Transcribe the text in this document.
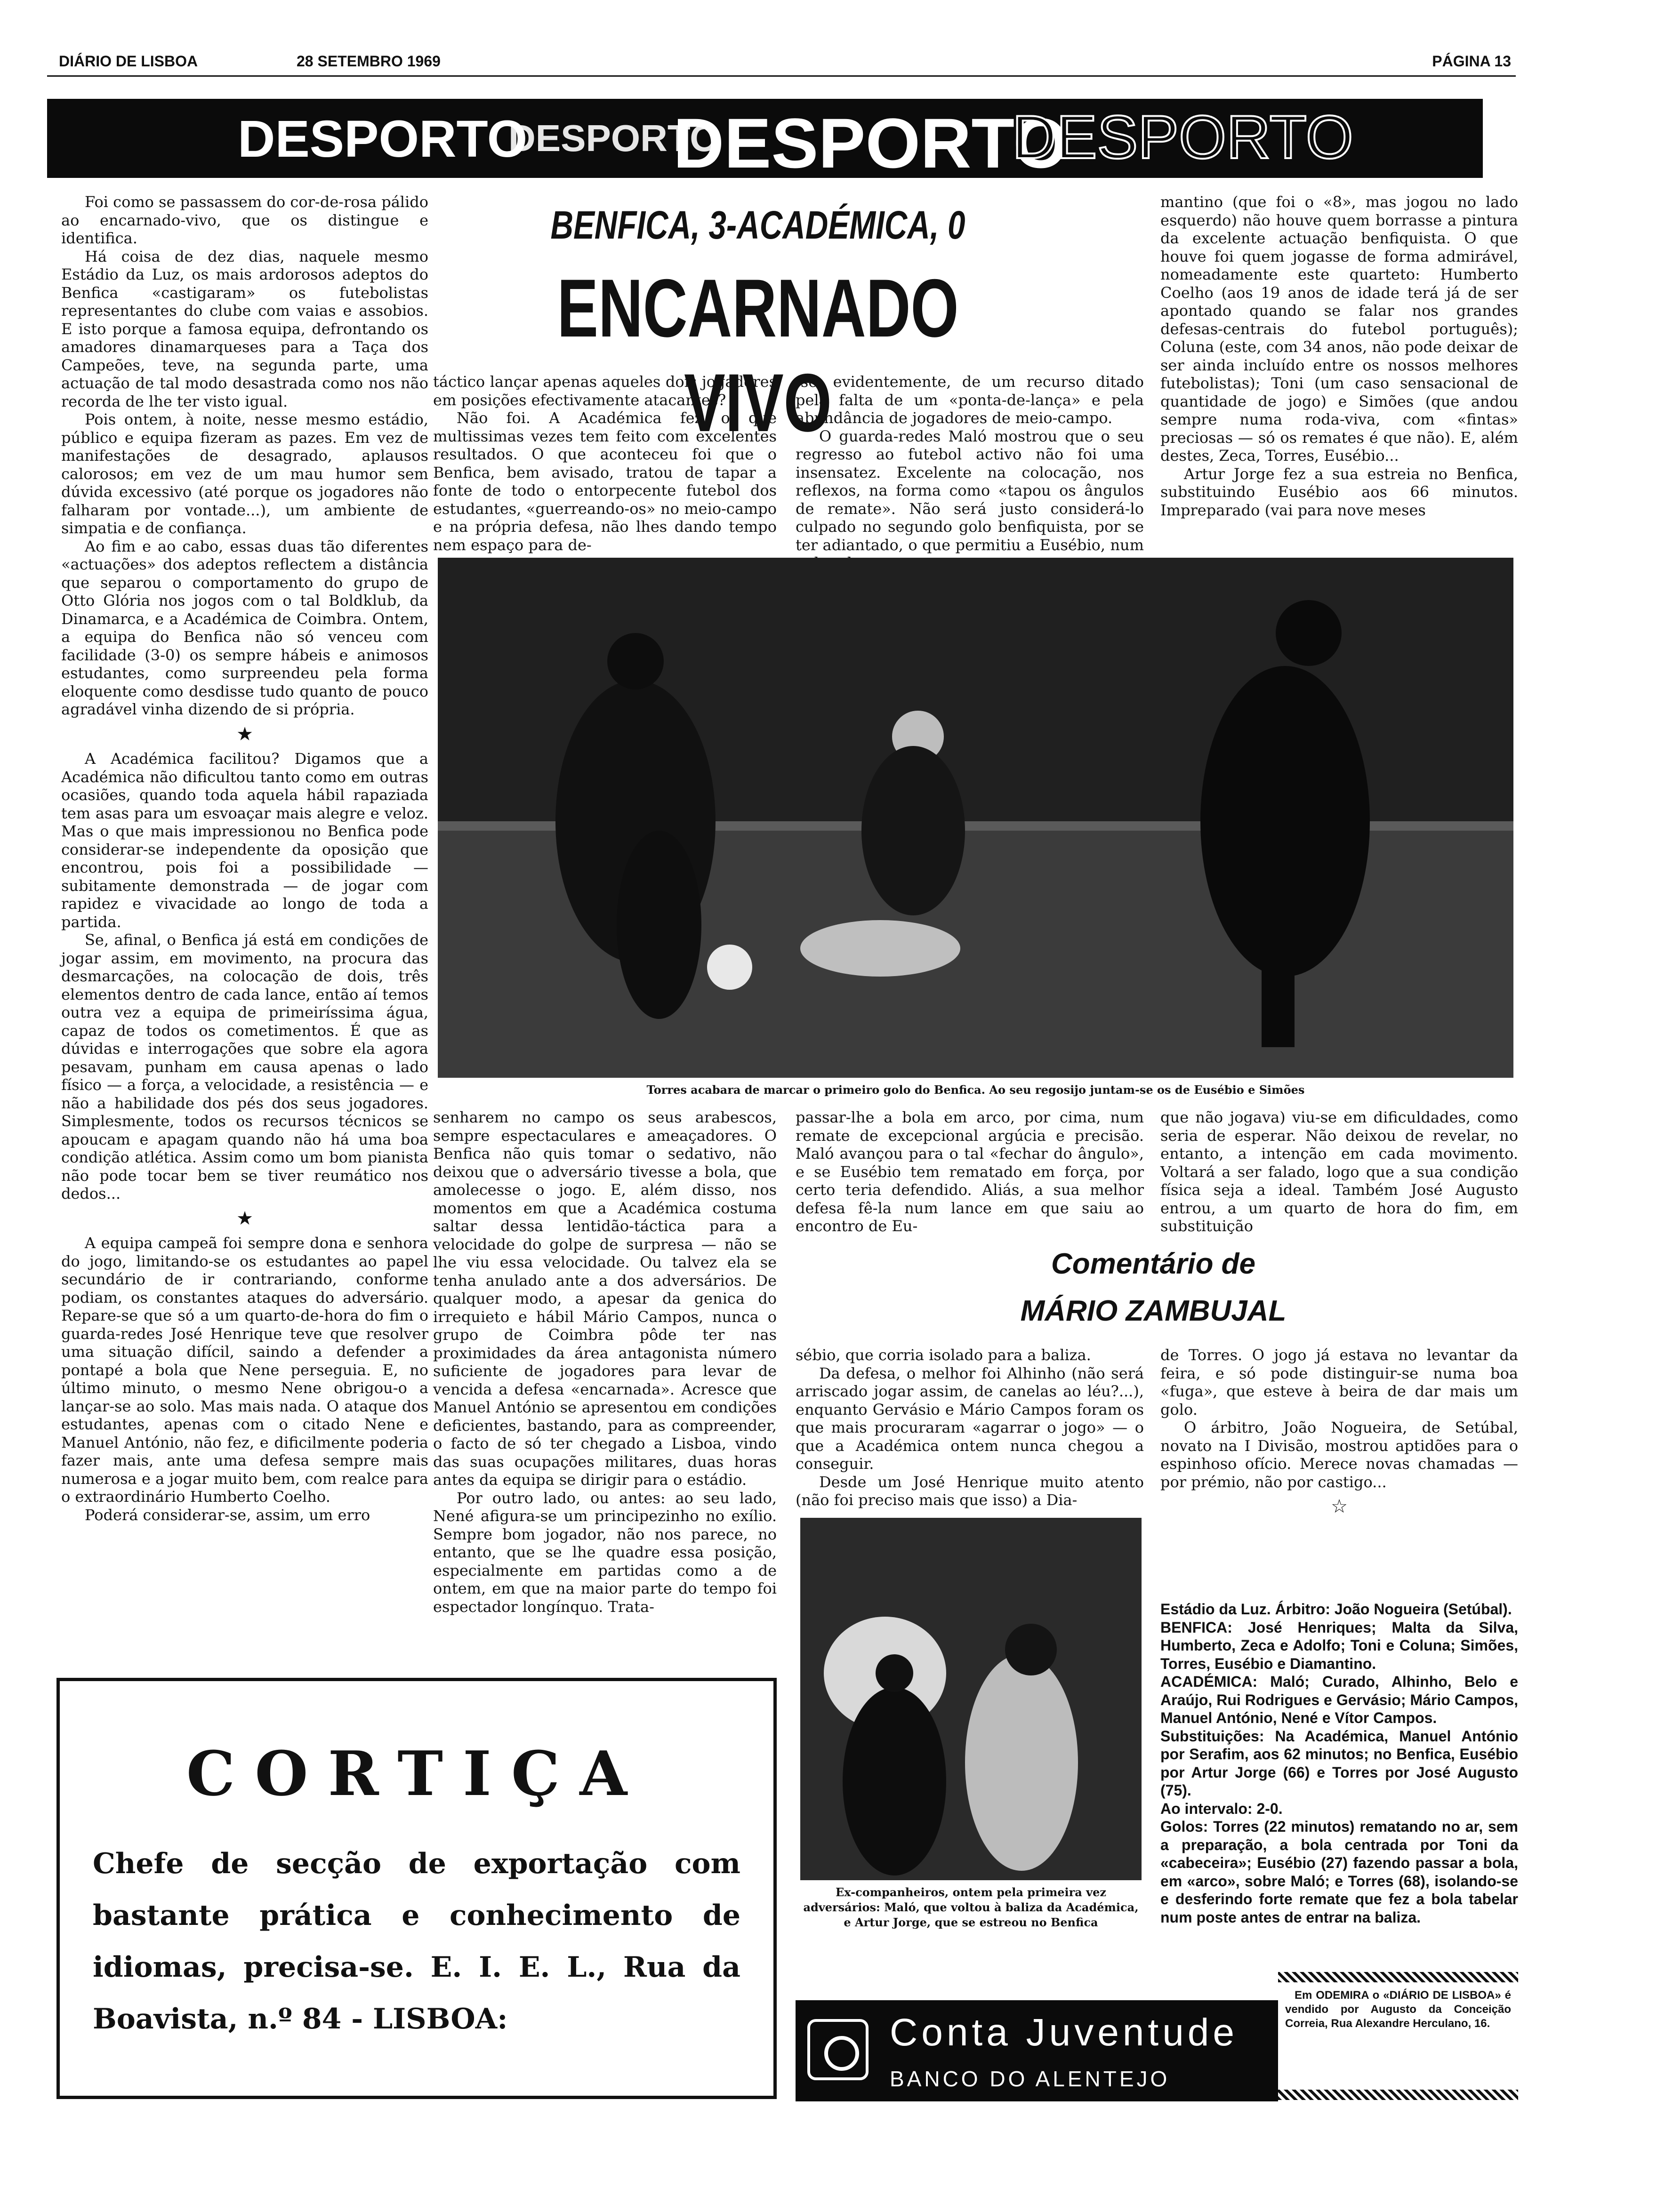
DIÁRIO DE LISBOA	28 SETEMBRO 1969	PÁGINA 13
DESPORTO
DESPORTO
DESPORTO
DESPORTO
BENFICA, 3-ACADÉMICA, 0
ENCARNADO VIVO

Foi como se passassem do cor-de-rosa pálido ao encarnado-vivo, que os distingue e identifica.

Há coisa de dez dias, naquele mesmo Estádio da Luz, os mais ardorosos adeptos do Benfica «castigaram» os futebolistas representantes do clube com vaias e assobios. E isto porque a famosa equipa, defrontando os amadores dinamarqueses para a Taça dos Campeões, teve, na segunda parte, uma actuação de tal modo desastrada como nos não recorda de lhe ter visto igual.

Pois ontem, à noite, nesse mesmo estádio, público e equipa fizeram as pazes. Em vez de manifestações de desagrado, aplausos calorosos; em vez de um mau humor sem dúvida excessivo (até porque os jogadores não falharam por vontade...), um ambiente de simpatia e de confiança.

Ao fim e ao cabo, essas duas tão diferentes «actuações» dos adeptos reflectem a distância que separou o comportamento do grupo de Otto Glória nos jogos com o tal Boldklub, da Dinamarca, e a Académica de Coimbra. Ontem, a equipa do Benfica não só venceu com facilidade (3-0) os sempre hábeis e animosos estudantes, como surpreendeu pela forma eloquente como desdisse tudo quanto de pouco agradável vinha dizendo de si própria.

★

A Académica facilitou? Digamos que a Académica não dificultou tanto como em outras ocasiões, quando toda aquela hábil rapaziada tem asas para um esvoaçar mais alegre e veloz. Mas o que mais impressionou no Benfica pode considerar-se independente da oposição que encontrou, pois foi a possibilidade — subitamente demonstrada — de jogar com rapidez e vivacidade ao longo de toda a partida.

Se, afinal, o Benfica já está em condições de jogar assim, em movimento, na procura das desmarcações, na colocação de dois, três elementos dentro de cada lance, então aí temos outra vez a equipa de primeiríssima água, capaz de todos os cometimentos. É que as dúvidas e interrogações que sobre ela agora pesavam, punham em causa apenas o lado físico — a força, a velocidade, a resistência — e não a habilidade dos pés dos seus jogadores. Simplesmente, todos os recursos técnicos se apoucam e apagam quando não há uma boa condição atlética. Assim como um bom pianista não pode tocar bem se tiver reumático nos dedos...

★

A equipa campeã foi sempre dona e senhora do jogo, limitando-se os estudantes ao papel secundário de ir contrariando, conforme podiam, os constantes ataques do adversário. Repare-se que só a um quarto-de-hora do fim o guarda-redes José Henrique teve que resolver uma situação difícil, saindo a defender a pontapé a bola que Nene perseguia. E, no último minuto, o mesmo Nene obrigou-o a lançar-se ao solo. Mas mais nada. O ataque dos estudantes, apenas com o citado Nene e Manuel António, não fez, e dificilmente poderia fazer mais, ante uma defesa sempre mais numerosa e a jogar muito bem, com realce para o extraordinário Humberto Coelho.

Poderá considerar-se, assim, um erro

táctico lançar apenas aqueles dois jogadores em posições efectivamente atacantes?

Não foi. A Académica fez o que multissimas vezes tem feito com excelentes resultados. O que aconteceu foi que o Benfica, bem avisado, tratou de tapar a fonte de todo o entorpecente futebol dos estudantes, «guerreando-os» no meio-campo e na própria defesa, não lhes dando tempo nem espaço para de-

-se, evidentemente, de um recurso ditado pela falta de um «ponta-de-lança» e pela abundância de jogadores de meio-campo.

O guarda-redes Maló mostrou que o seu regresso ao futebol activo não foi uma insensatez. Excelente na colocação, nos reflexos, na forma como «tapou os ângulos de remate». Não será justo considerá-lo culpado no segundo golo benfiquista, por se ter adiantado, o que permitiu a Eusébio, num

mantino (que foi o «8», mas jogou no lado esquerdo) não houve quem borrasse a pintura da excelente actuação benfiquista. O que houve foi quem jogasse de forma admirável, nomeadamente este quarteto: Humberto Coelho (aos 19 anos de idade terá já de ser apontado quando se falar nos grandes defesas-centrais do futebol português); Coluna (este, com 34 anos, não pode deixar de ser ainda incluído entre os nossos melhores futebolistas); Toni (um caso sensacional de quantidade de jogo) e Simões (que andou sempre numa roda-viva, com «fintas» preciosas — só os remates é que não). E, além destes, Zeca, Torres, Eusébio...

Artur Jorge fez a sua estreia no Benfica, substituindo Eusébio aos 66 minutos. Impreparado (vai para nove meses

Torres acabara de marcar o primeiro golo do Benfica. Ao seu regosijo juntam-se os de Eusébio e Simões

senharem no campo os seus arabescos, sempre espectaculares e ameaçadores. O Benfica não quis tomar o sedativo, não deixou que o adversário tivesse a bola, que amolecesse o jogo. E, além disso, nos momentos em que a Académica costuma saltar dessa lentidão-táctica para a velocidade do golpe de surpresa — não se lhe viu essa velocidade. Ou talvez ela se tenha anulado ante a dos adversários. De qualquer modo, a apesar da genica do irrequieto e hábil Mário Campos, nunca o grupo de Coimbra pôde ter nas proximidades da área antagonista número suficiente de jogadores para levar de vencida a defesa «encarnada». Acresce que Manuel António se apresentou em condições deficientes, bastando, para as compreender, o facto de só ter chegado a Lisboa, vindo das suas ocupações militares, duas horas antes da equipa se dirigir para o estádio.

Por outro lado, ou antes: ao seu lado, Nené afigura-se um principezinho no exílio. Sempre bom jogador, não nos parece, no entanto, que se lhe quadre essa posição, especialmente em partidas como a de ontem, em que na maior parte do tempo foi espectador longínquo. Trata-

passar-lhe a bola em arco, por cima, num remate de excepcional argúcia e precisão. Maló avançou para o tal «fechar do ângulo», e se Eusébio tem rematado em força, por certo teria defendido. Aliás, a sua melhor defesa fê-la num lance em que saiu ao encontro de Eu-

que não jogava) viu-se em dificuldades, como seria de esperar. Não deixou de revelar, no entanto, a intenção em cada movimento. Voltará a ser falado, logo que a sua condição física seja a ideal. Também José Augusto entrou, a um quarto de hora do fim, em substituição

Comentário de
MÁRIO ZAMBUJAL

sébio, que corria isolado para a baliza.

Da defesa, o melhor foi Alhinho (não será arriscado jogar assim, de canelas ao léu?...), enquanto Gervásio e Mário Campos foram os que mais procuraram «agarrar o jogo» — o que a Académica ontem nunca chegou a conseguir.

Desde um José Henrique muito atento (não foi preciso mais que isso) a Dia-

de Torres. O jogo já estava no levantar da feira, e só pode distinguir-se numa boa «fuga», que esteve à beira de dar mais um golo.

O árbitro, João Nogueira, de Setúbal, novato na I Divisão, mostrou aptidões para o espinhoso ofício. Merece novas chamadas — por prémio, não por castigo...

☆

Ex-companheiros, ontem pela primeira vez adversários: Maló, que voltou à baliza da Académica, e Artur Jorge, que se estreou no Benfica

Estádio da Luz. Árbitro: João Nogueira (Setúbal).

BENFICA: José Henriques; Malta da Silva, Humberto, Zeca e Adolfo; Toni e Coluna; Simões, Torres, Eusébio e Diamantino.

ACADÉMICA: Maló; Curado, Alhinho, Belo e Araújo, Rui Rodrigues e Gervásio; Mário Campos, Manuel António, Nené e Vítor Campos.

Substituições: Na Académica, Manuel António por Serafim, aos 62 minutos; no Benfica, Eusébio por Artur Jorge (66) e Torres por José Augusto (75).

Ao intervalo: 2-0.

Golos: Torres (22 minutos) rematando no ar, sem a preparação, a bola centrada por Toni da «cabeceira»; Eusébio (27) fazendo passar a bola, em «arco», sobre Maló; e Torres (68), isolando-se e desferindo forte remate que fez a bola tabelar num poste antes de entrar na baliza.

CORTIÇA
Chefe de secção de exportação com bastante prática e conhecimento de idiomas, precisa-se. E. I. E. L., Rua da Boavista, n.º 84 - LISBOA:	Conta Juventude
BANCO DO ALENTEJO

Em ODEMIRA o «DIÁRIO DE LISBOA» é vendido por Augusto da Conceição Correia, Rua Alexandre Herculano, 16.
